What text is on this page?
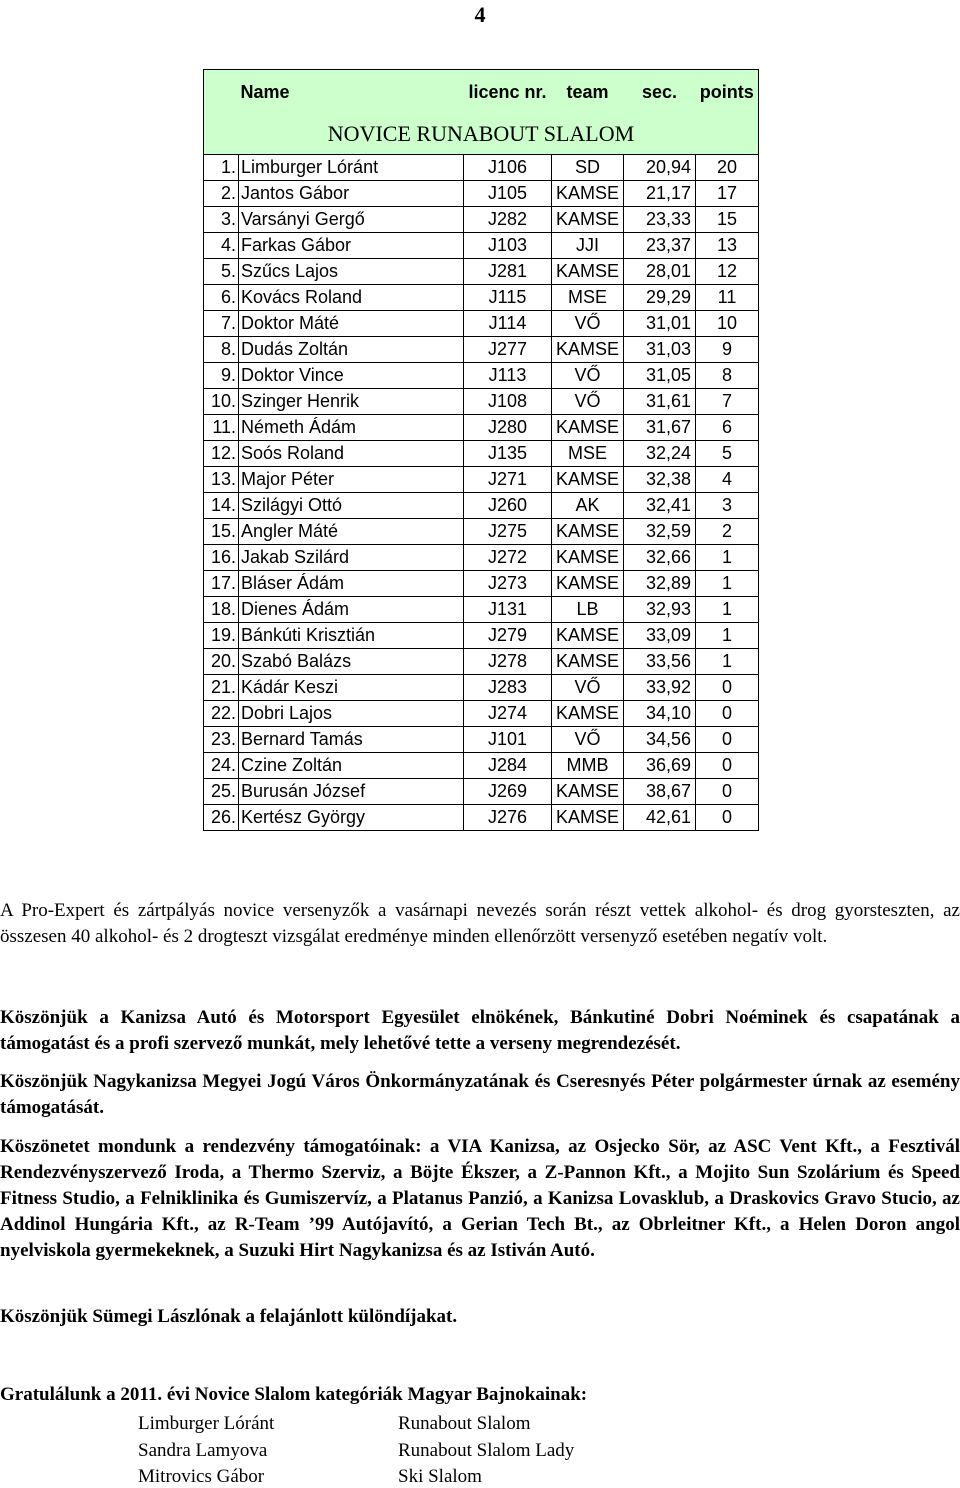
4
	Name	licenc nr.	team	sec.	points
NOVICE RUNABOUT SLALOM					
1.	Limburger Lóránt	J106	SD	20,94	20
2.	Jantos Gábor	J105	KAMSE	21,17	17
3.	Varsányi Gergő	J282	KAMSE	23,33	15
4.	Farkas Gábor	J103	JJI	23,37	13
5.	Szűcs Lajos	J281	KAMSE	28,01	12
6.	Kovács Roland	J115	MSE	29,29	11
7.	Doktor Máté	J114	VŐ	31,01	10
8.	Dudás Zoltán	J277	KAMSE	31,03	9
9.	Doktor Vince	J113	VŐ	31,05	8
10.	Szinger Henrik	J108	VŐ	31,61	7
11.	Németh Ádám	J280	KAMSE	31,67	6
12.	Soós Roland	J135	MSE	32,24	5
13.	Major Péter	J271	KAMSE	32,38	4
14.	Szilágyi Ottó	J260	AK	32,41	3
15.	Angler Máté	J275	KAMSE	32,59	2
16.	Jakab Szilárd	J272	KAMSE	32,66	1
17.	Bláser Ádám	J273	KAMSE	32,89	1
18.	Dienes Ádám	J131	LB	32,93	1
19.	Bánkúti Krisztián	J279	KAMSE	33,09	1
20.	Szabó Balázs	J278	KAMSE	33,56	1
21.	Kádár Keszi	J283	VŐ	33,92	0
22.	Dobri Lajos	J274	KAMSE	34,10	0
23.	Bernard Tamás	J101	VŐ	34,56	0
24.	Czine Zoltán	J284	MMB	36,69	0
25.	Burusán József	J269	KAMSE	38,67	0
26.	Kertész György	J276	KAMSE	42,61	0
A Pro-Expert és zártpályás novice versenyzők a vasárnapi nevezés során részt vettek alkohol- és drog gyorsteszten, az összesen 40 alkohol- és 2 drogteszt vizsgálat eredménye minden ellenőrzött versenyző esetében negatív volt.
Köszönjük a Kanizsa Autó és Motorsport Egyesület elnökének, Bánkutiné Dobri Noéminek és csapatának a támogatást és a profi szervező munkát, mely lehetővé tette a verseny megrendezését.
Köszönjük Nagykanizsa Megyei Jogú Város Önkormányzatának és Cseresnyés Péter polgármester úrnak az esemény támogatását.
Köszönetet mondunk a rendezvény támogatóinak: a VIA Kanizsa, az Osjecko Sör, az ASC Vent Kft., a Fesztivál Rendezvényszervező Iroda, a Thermo Szerviz, a Böjte Ékszer, a Z-Pannon Kft., a Mojito Sun Szolárium és Speed Fitness Studio, a Felniklinika és Gumiszervíz, a Platanus Panzió, a Kanizsa Lovasklub, a Draskovics Gravo Stucio, az Addinol Hungária Kft., az R-Team ’99 Autójavító, a Gerian Tech Bt., az Obrleitner Kft., a Helen Doron angol nyelviskola gyermekeknek, a Suzuki Hirt Nagykanizsa és az Istiván Autó.
Köszönjük Sümegi Lászlónak a felajánlott különdíjakat.
Gratulálunk a 2011. évi Novice Slalom kategóriák Magyar Bajnokainak:
Limburger Lóránt	Runabout Slalom
Sandra Lamyova	Runabout Slalom Lady
Mitrovics Gábor	Ski Slalom
